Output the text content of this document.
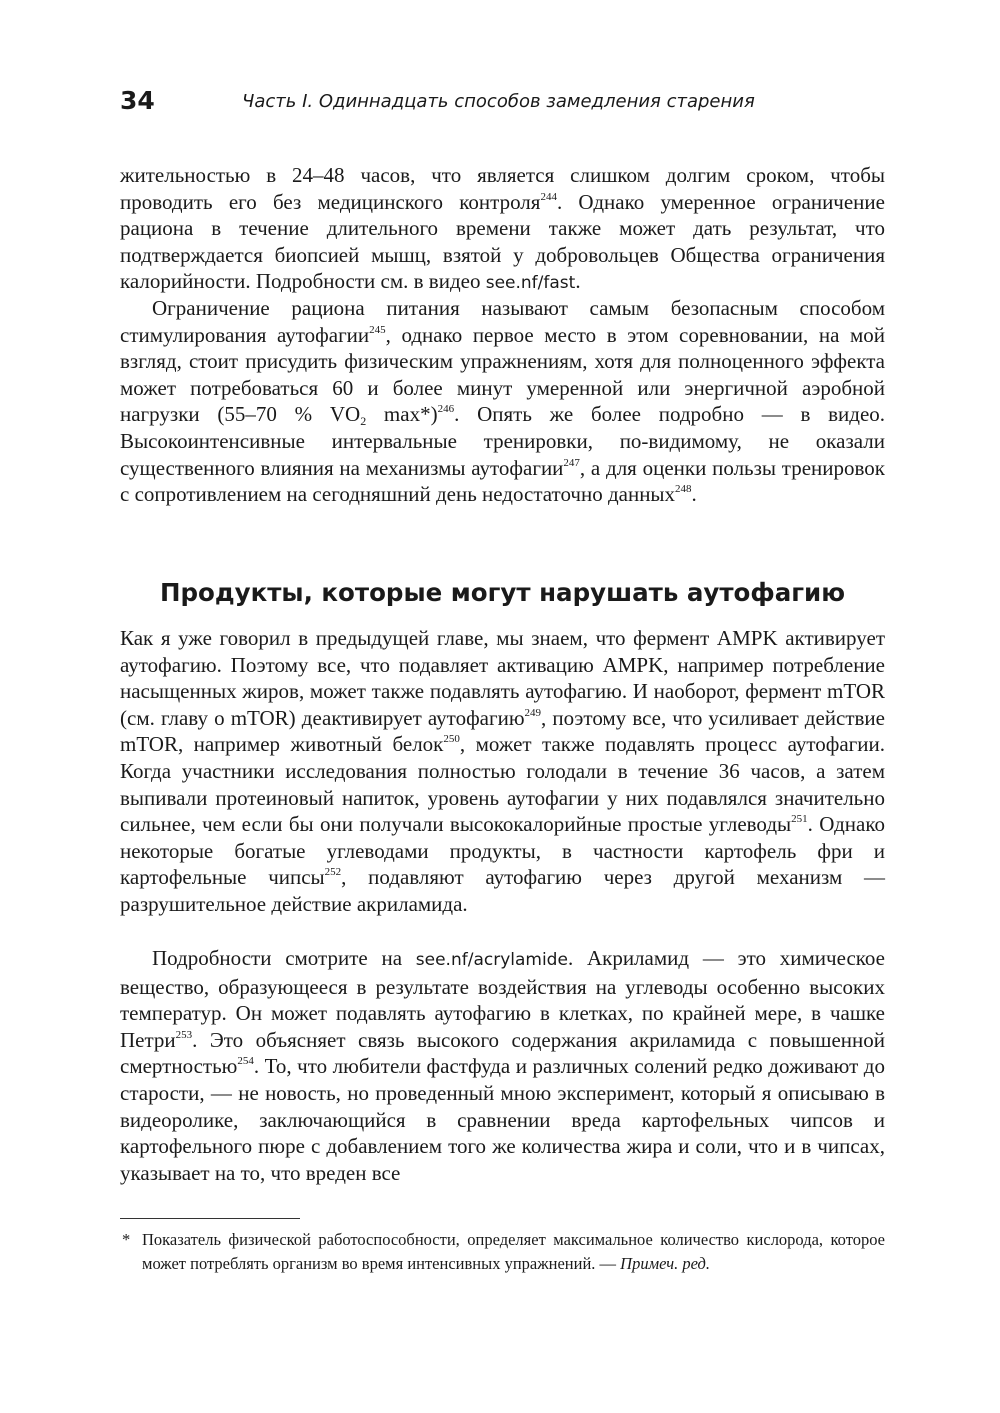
34	Часть I. Одиннадцать способов замедления старения

жительностью в 24–48 часов, что является слишком долгим сроком, чтобы проводить его без медицинского контроля$^{244}$. Однако умеренное ограничение рациона в течение длительного времени также может дать результат, что подтверждается биопсией мышц, взятой у добровольцев Общества ограничения калорийности. Подробности см. в видео see.nf/fast.

Ограничение рациона питания называют самым безопасным способом стимулирования аутофагии$^{245}$, однако первое место в этом соревновании, на мой взгляд, стоит присудить физическим упражнениям, хотя для полноценного эффекта может потребоваться 60 и более минут умеренной или энергичной аэробной нагрузки (55–70 % $VO_2$ max*)$^{246}$. Опять же более подробно — в видео. Высокоинтенсивные интервальные тренировки, по-видимому, не оказали существенного влияния на механизмы аутофагии$^{247}$, а для оценки пользы тренировок с сопротивлением на сегодняшний день недостаточно данных$^{248}$.

Продукты, которые могут нарушать аутофагию

Как я уже говорил в предыдущей главе, мы знаем, что фермент AMPK активирует аутофагию. Поэтому все, что подавляет активацию AMPK, например потребление насыщенных жиров, может также подавлять аутофагию. И наоборот, фермент mTOR (см. главу о mTOR) деактивирует аутофагию$^{249}$, поэтому все, что усиливает действие mTOR, например животный белок$^{250}$, может также подавлять процесс аутофагии. Когда участники исследования полностью голодали в течение 36 часов, а затем выпивали протеиновый напиток, уровень аутофагии у них подавлялся значительно сильнее, чем если бы они получали высококалорийные простые углеводы$^{251}$. Однако некоторые богатые углеводами продукты, в частности картофель фри и картофельные чипсы$^{252}$, подавляют аутофагию через другой механизм — разрушительное действие акриламида.

Подробности смотрите на see.nf/acrylamide. Акриламид — это химическое вещество, образующееся в результате воздействия на углеводы особенно высоких температур. Он может подавлять аутофагию в клетках, по крайней мере, в чашке Петри$^{253}$. Это объясняет связь высокого содержания акриламида с повышенной смертностью$^{254}$. То, что любители фастфуда и различных солений редко доживают до старости, — не новость, но проведенный мною эксперимент, который я описываю в видеоролике, заключающийся в сравнении вреда картофельных чипсов и картофельного пюре с добавлением того же количества жира и соли, что и в чипсах, указывает на то, что вреден все

* Показатель физической работоспособности, определяет максимальное количество кислорода, которое может потреблять организм во время интенсивных упражнений. — Примеч. ред.
